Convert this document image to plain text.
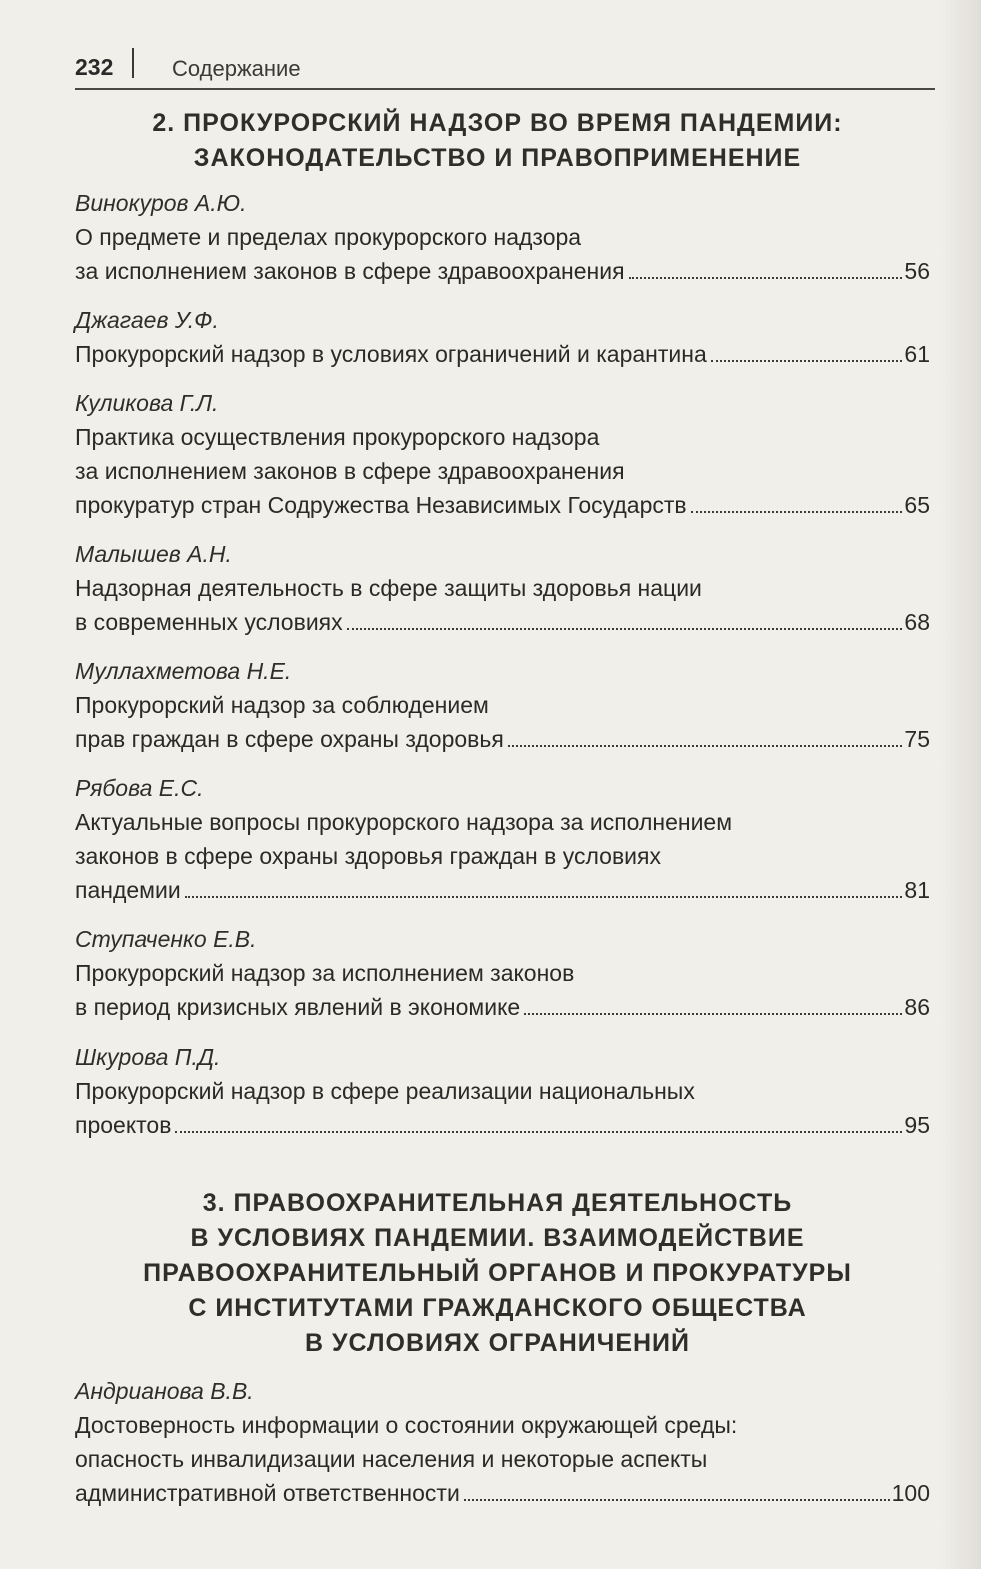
232	Содержание
2. ПРОКУРОРСКИЙ НАДЗОР ВО ВРЕМЯ ПАНДЕМИИ:
ЗАКОНОДАТЕЛЬСТВО И ПРАВОПРИМЕНЕНИЕ
Винокуров А.Ю.
О предмете и пределах прокурорского надзора
за исполнением законов в сфере здравоохранения	56
Джагаев У.Ф.
Прокурорский надзор в условиях ограничений и карантина	61
Куликова Г.Л.
Практика осуществления прокурорского надзора
за исполнением законов в сфере здравоохранения
прокуратур стран Содружества Независимых Государств	65
Малышев А.Н.
Надзорная деятельность в сфере защиты здоровья нации
в современных условиях	68
Муллахметова Н.Е.
Прокурорский надзор за соблюдением
прав граждан в сфере охраны здоровья	75
Рябова Е.С.
Актуальные вопросы прокурорского надзора за исполнением
законов в сфере охраны здоровья граждан в условиях
пандемии	81
Ступаченко Е.В.
Прокурорский надзор за исполнением законов
в период кризисных явлений в экономике	86
Шкурова П.Д.
Прокурорский надзор в сфере реализации национальных
проектов	95
3. ПРАВООХРАНИТЕЛЬНАЯ ДЕЯТЕЛЬНОСТЬ
В УСЛОВИЯХ ПАНДЕМИИ. ВЗАИМОДЕЙСТВИЕ
ПРАВООХРАНИТЕЛЬНЫЙ ОРГАНОВ И ПРОКУРАТУРЫ
С ИНСТИТУТАМИ ГРАЖДАНСКОГО ОБЩЕСТВА
В УСЛОВИЯХ ОГРАНИЧЕНИЙ
Андрианова В.В.
Достоверность информации о состоянии окружающей среды:
опасность инвалидизации населения и некоторые аспекты
административной ответственности	100
